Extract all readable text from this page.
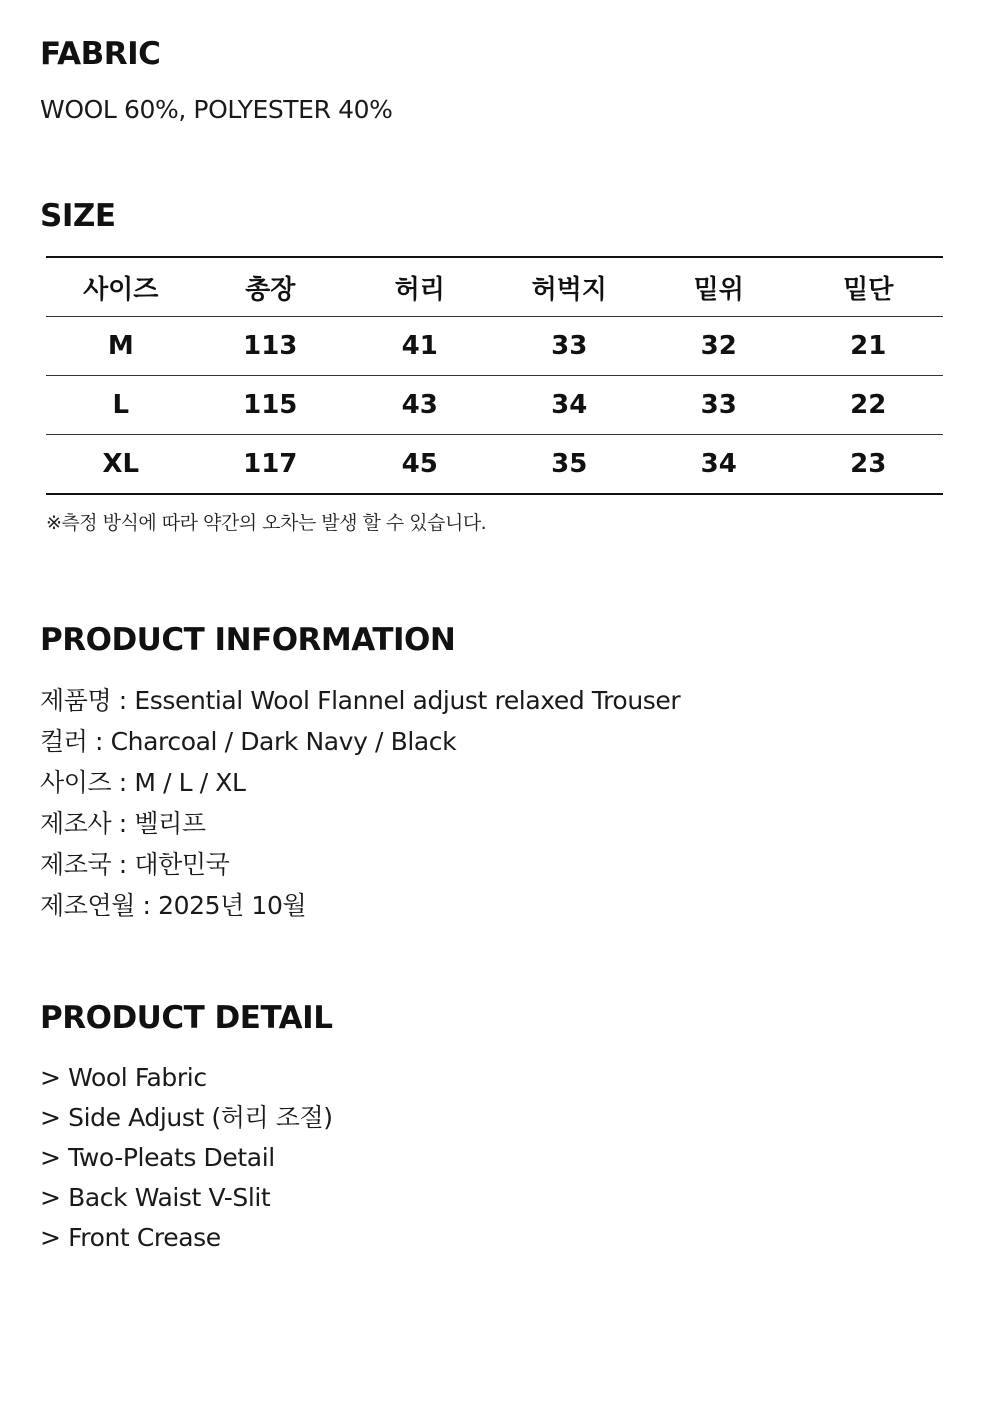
FABRIC
WOOL 60%, POLYESTER 40%
SIZE
사이즈	총장	허리	허벅지	밑위	밑단
M	113	41	33	32	21
L	115	43	34	33	22
XL	117	45	35	34	23
※측정 방식에 따라 약간의 오차는 발생 할 수 있습니다.
PRODUCT INFORMATION
제품명 : Essential Wool Flannel adjust relaxed Trouser
컬러 : Charcoal / Dark Navy / Black
사이즈 : M / L / XL
제조사 : 벨리프
제조국 : 대한민국
제조연월 : 2025년 10월
PRODUCT DETAIL
> Wool Fabric
> Side Adjust (허리 조절)
> Two-Pleats Detail
> Back Waist V-Slit
> Front Crease
